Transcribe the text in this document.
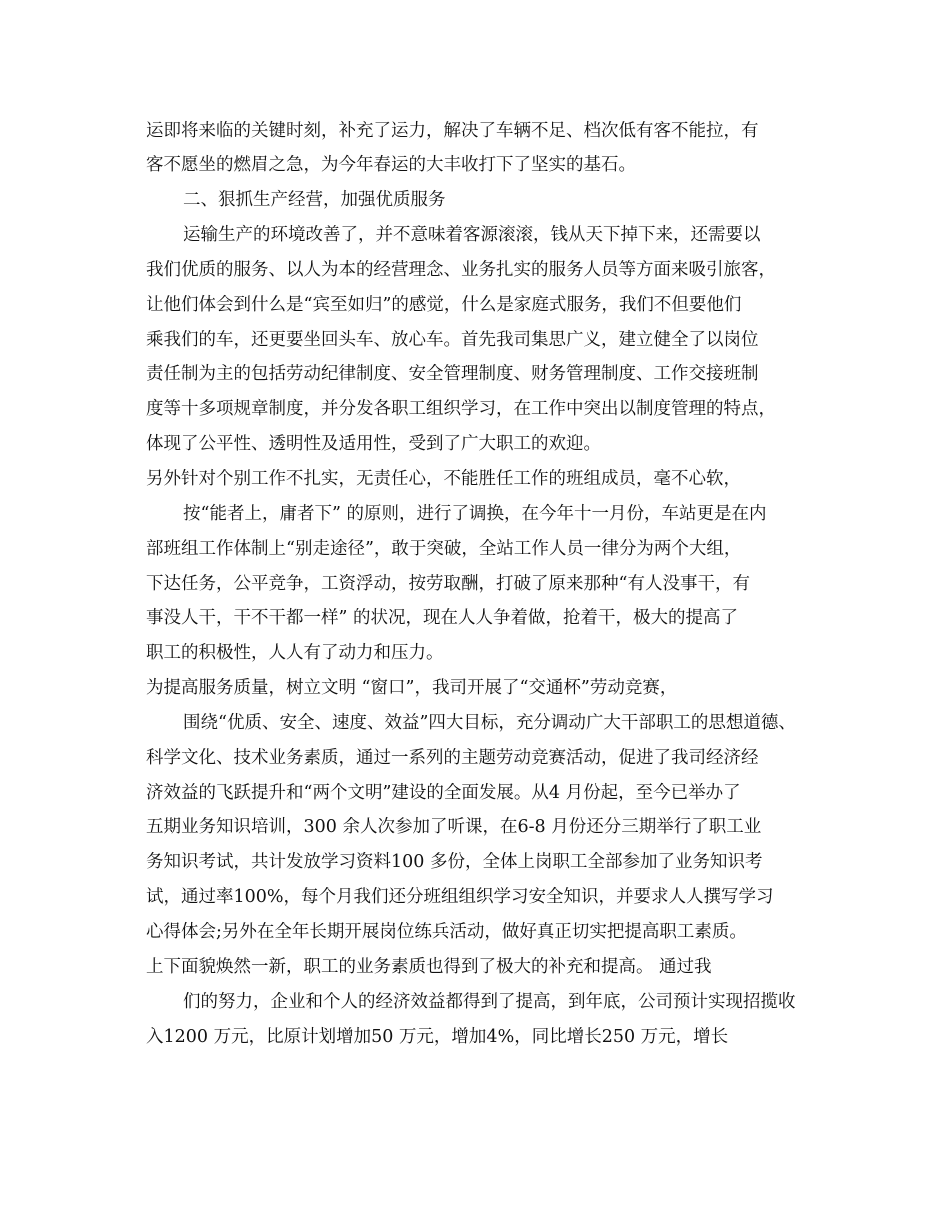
运即将来临的关键时刻，补充了运力，解决了车辆不足、档次低有客不能拉，有
客不愿坐的燃眉之急，为今年春运的大丰收打下了坚实的基石。
二、狠抓生产经营，加强优质服务
运输生产的环境改善了，并不意味着客源滚滚，钱从天下掉下来，还需要以
我们优质的服务、以人为本的经营理念、业务扎实的服务人员等方面来吸引旅客，
让他们体会到什么是“宾至如归”的感觉，什么是家庭式服务，我们不但要他们
乘我们的车，还更要坐回头车、放心车。首先我司集思广义，建立健全了以岗位
责任制为主的包括劳动纪律制度、安全管理制度、财务管理制度、工作交接班制
度等十多项规章制度，并分发各职工组织学习，在工作中突出以制度管理的特点，
体现了公平性、透明性及适用性，受到了广大职工的欢迎。
另外针对个别工作不扎实，无责任心，不能胜任工作的班组成员，毫不心软，
按“能者上，庸者下” 的原则，进行了调换，在今年十一月份，车站更是在内
部班组工作体制上“别走途径”，敢于突破，全站工作人员一律分为两个大组，
下达任务，公平竞争，工资浮动，按劳取酬，打破了原来那种“有人没事干，有
事没人干，干不干都一样” 的状况，现在人人争着做，抢着干，极大的提高了
职工的积极性，人人有了动力和压力。
为提高服务质量，树立文明 “窗口”，我司开展了“交通杯”劳动竞赛，
围绕“优质、安全、速度、效益”四大目标，充分调动广大干部职工的思想道德、
科学文化、技术业务素质，通过一系列的主题劳动竞赛活动，促进了我司经济经
济效益的飞跃提升和“两个文明”建设的全面发展。从4 月份起，至今已举办了
五期业务知识培训，300 余人次参加了听课，在6-8 月份还分三期举行了职工业
务知识考试，共计发放学习资料100 多份，全体上岗职工全部参加了业务知识考
试，通过率100%，每个月我们还分班组组织学习安全知识，并要求人人撰写学习
心得体会;另外在全年长期开展岗位练兵活动，做好真正切实把提高职工素质。
上下面貌焕然一新，职工的业务素质也得到了极大的补充和提高。 通过我
们的努力，企业和个人的经济效益都得到了提高，到年底，公司预计实现招揽收
入1200 万元，比原计划增加50 万元，增加4%，同比增长250 万元，增长
